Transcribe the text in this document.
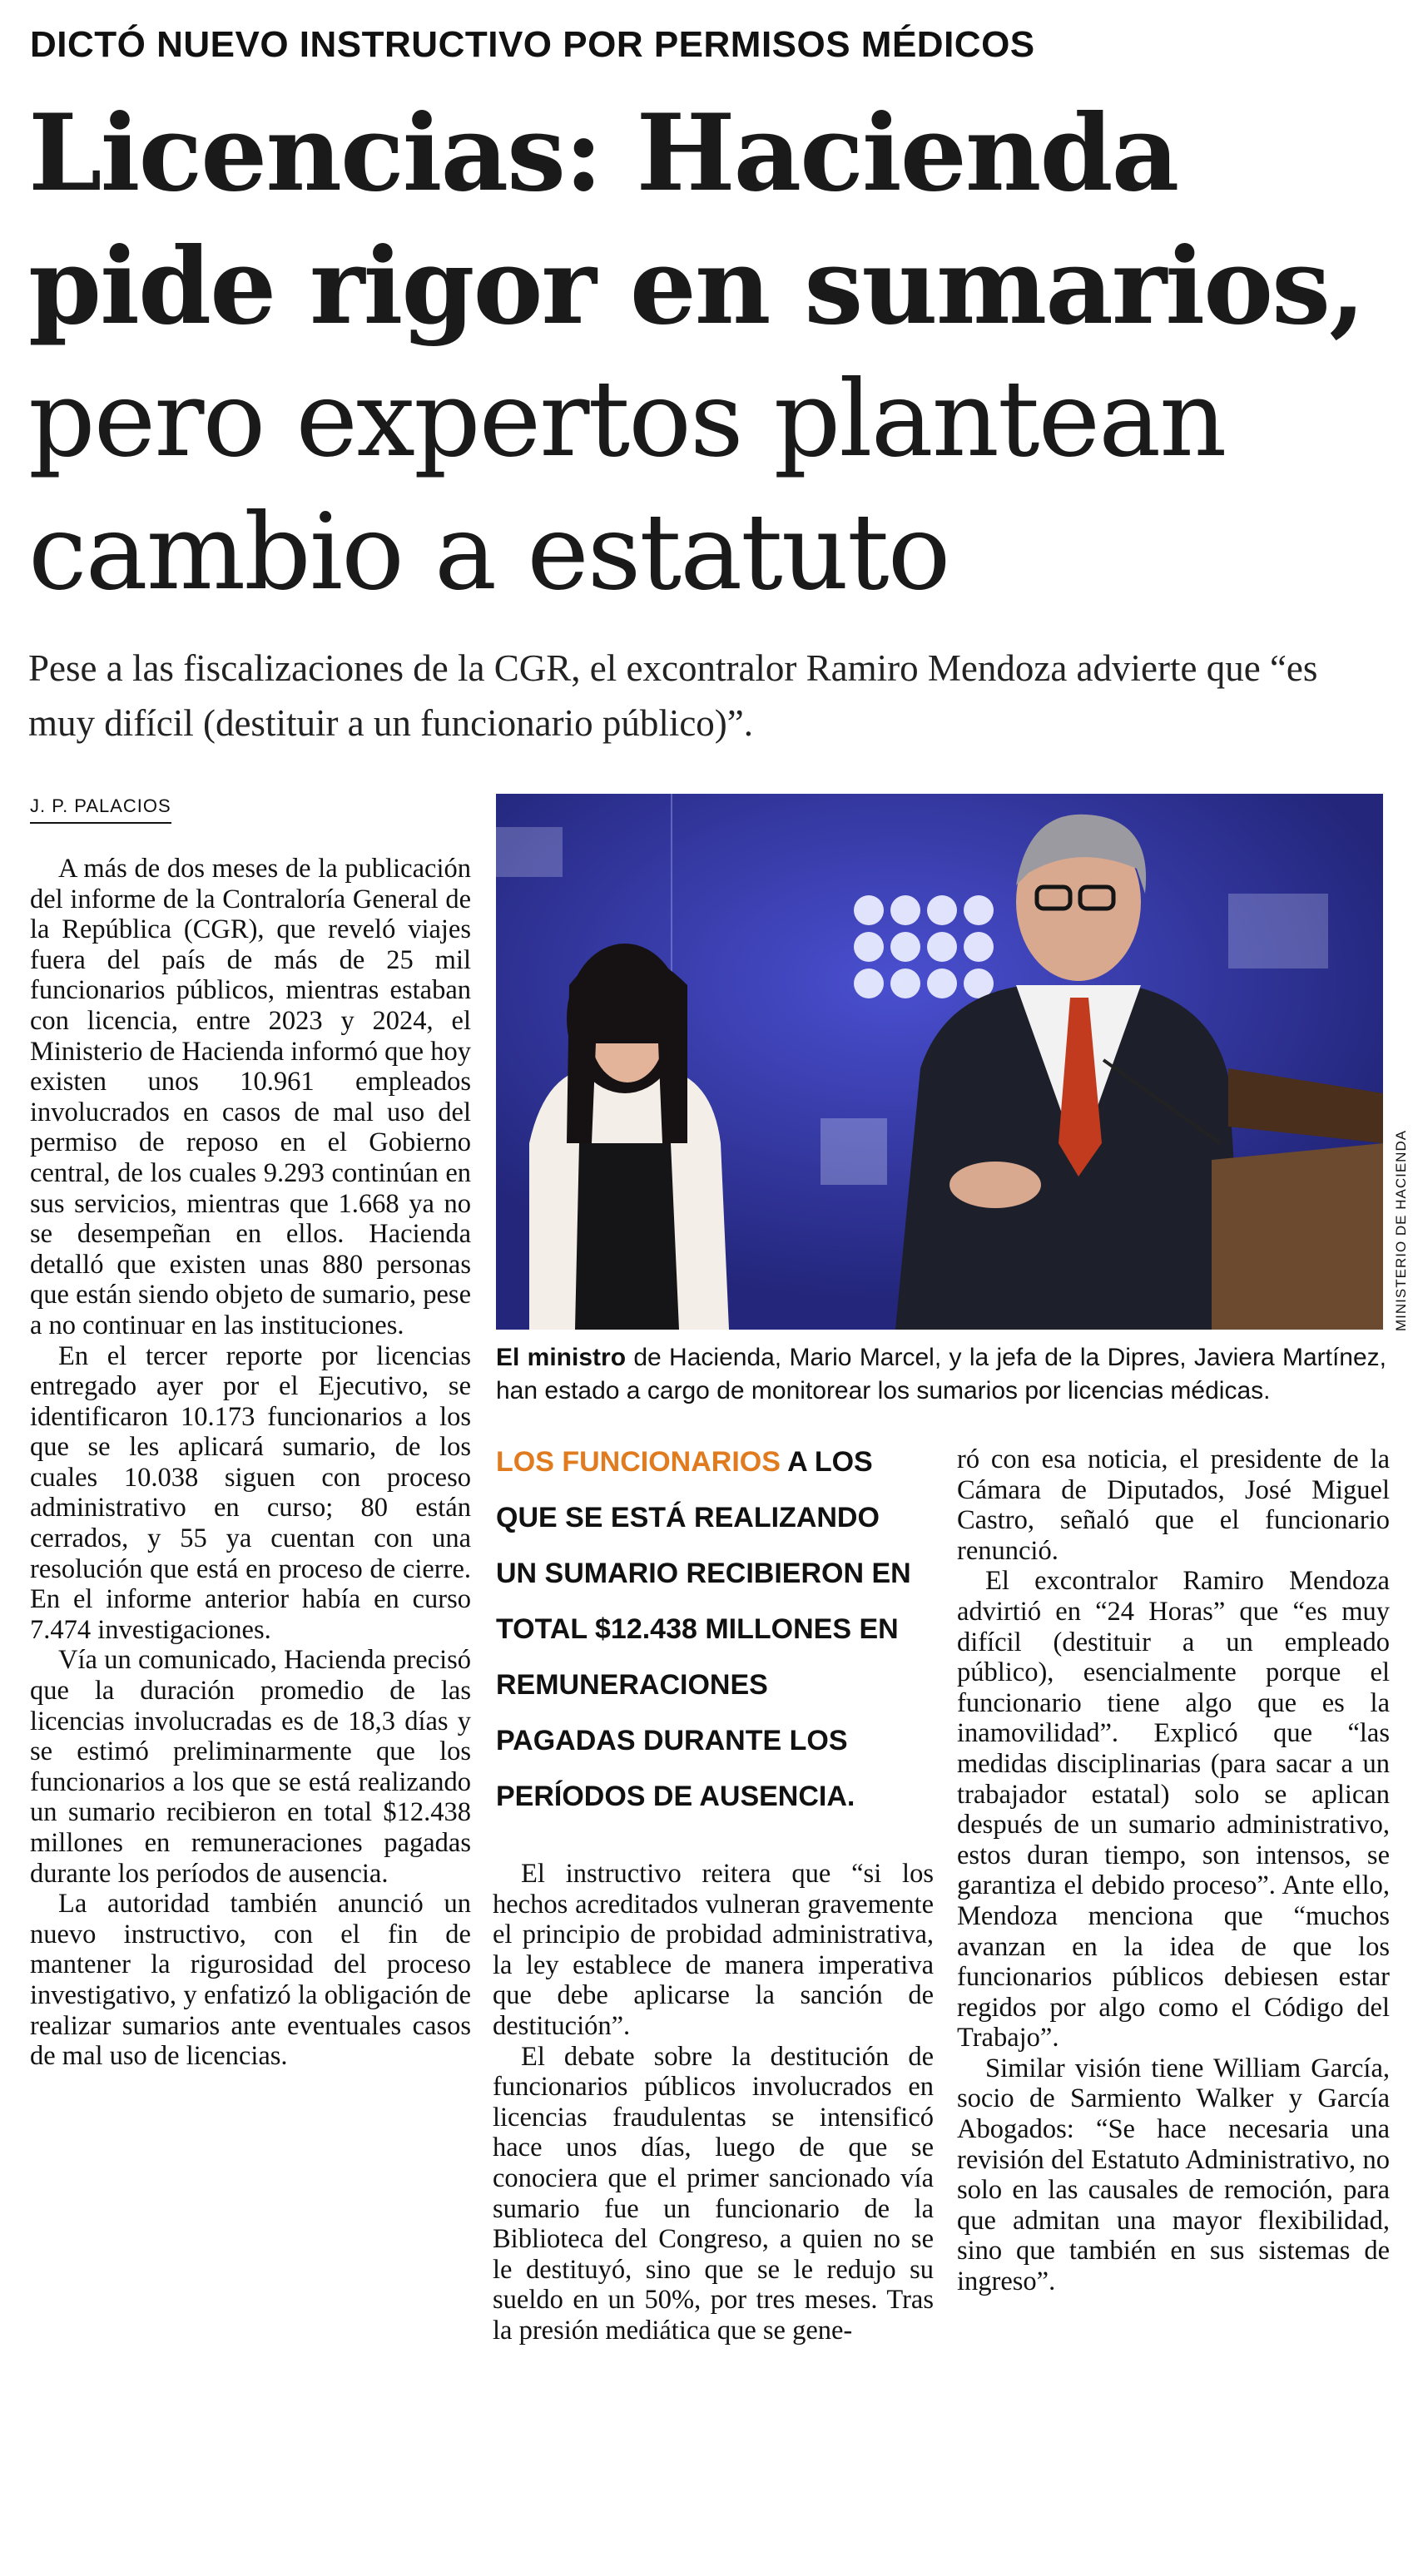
DICTÓ NUEVO INSTRUCTIVO POR PERMISOS MÉDICOS
Licencias: Hacienda
pide rigor en sumarios,
pero expertos plantean
cambio a estatuto
Pese a las fiscalizaciones de la CGR, el excontralor Ramiro Mendoza advierte que “es muy difícil (destituir a un funcionario público)”.
J. P. PALACIOS

A más de dos meses de la publicación del informe de la Contraloría General de la República (CGR), que reveló viajes fuera del país de más de 25 mil funcionarios públicos, mientras estaban con licencia, entre 2023 y 2024, el Ministerio de Hacienda informó que hoy existen unos 10.961 empleados involucrados en casos de mal uso del permiso de reposo en el Gobierno central, de los cuales 9.293 continúan en sus servicios, mientras que 1.668 ya no se desempeñan en ellos. Hacienda detalló que existen unas 880 personas que están siendo objeto de sumario, pese a no continuar en las instituciones.

En el tercer reporte por licencias entregado ayer por el Ejecutivo, se identificaron 10.173 funcionarios a los que se les aplicará sumario, de los cuales 10.038 siguen con proceso administrativo en curso; 80 están cerrados, y 55 ya cuentan con una resolución que está en proceso de cierre. En el informe anterior había en curso 7.474 investigaciones.

Vía un comunicado, Hacienda precisó que la duración promedio de las licencias involucradas es de 18,3 días y se estimó preliminarmente que los funcionarios a los que se está realizando un sumario recibieron en total $12.438 millones en remuneraciones pagadas durante los períodos de ausencia.

La autoridad también anunció un nuevo instructivo, con el fin de mantener la rigurosidad del proceso investigativo, y enfatizó la obligación de realizar sumarios ante eventuales casos de mal uso de licencias.

MINISTERIO DE HACIENDA
El ministro de Hacienda, Mario Marcel, y la jefa de la Dipres, Javiera Martínez, han estado a cargo de monitorear los sumarios por licencias médicas.
LOS FUNCIONARIOS A LOS QUE SE ESTÁ REALIZANDO UN SUMARIO RECIBIERON EN TOTAL $12.438 MILLONES EN REMUNERACIONES PAGADAS DURANTE LOS PERÍODOS DE AUSENCIA.

El instructivo reitera que “si los hechos acreditados vulneran gravemente el principio de probidad administrativa, la ley establece de manera imperativa que debe aplicarse la sanción de destitución”.

El debate sobre la destitución de funcionarios públicos involucrados en licencias fraudulentas se intensificó hace unos días, luego de que se conociera que el primer sancionado vía sumario fue un funcionario de la Biblioteca del Congreso, a quien no se le destituyó, sino que se le redujo su sueldo en un 50%, por tres meses. Tras la presión mediática que se gene-

ró con esa noticia, el presidente de la Cámara de Diputados, José Miguel Castro, señaló que el funcionario renunció.

El excontralor Ramiro Mendoza advirtió en “24 Horas” que “es muy difícil (destituir a un empleado público), esencialmente porque el funcionario tiene algo que es la inamovilidad”. Explicó que “las medidas disciplinarias (para sacar a un trabajador estatal) solo se aplican después de un sumario administrativo, estos duran tiempo, son intensos, se garantiza el debido proceso”. Ante ello, Mendoza menciona que “muchos avanzan en la idea de que los funcionarios públicos debiesen estar regidos por algo como el Código del Trabajo”.

Similar visión tiene William García, socio de Sarmiento Walker y García Abogados: “Se hace necesaria una revisión del Estatuto Administrativo, no solo en las causales de remoción, para que admitan una mayor flexibilidad, sino que también en sus sistemas de ingreso”.
